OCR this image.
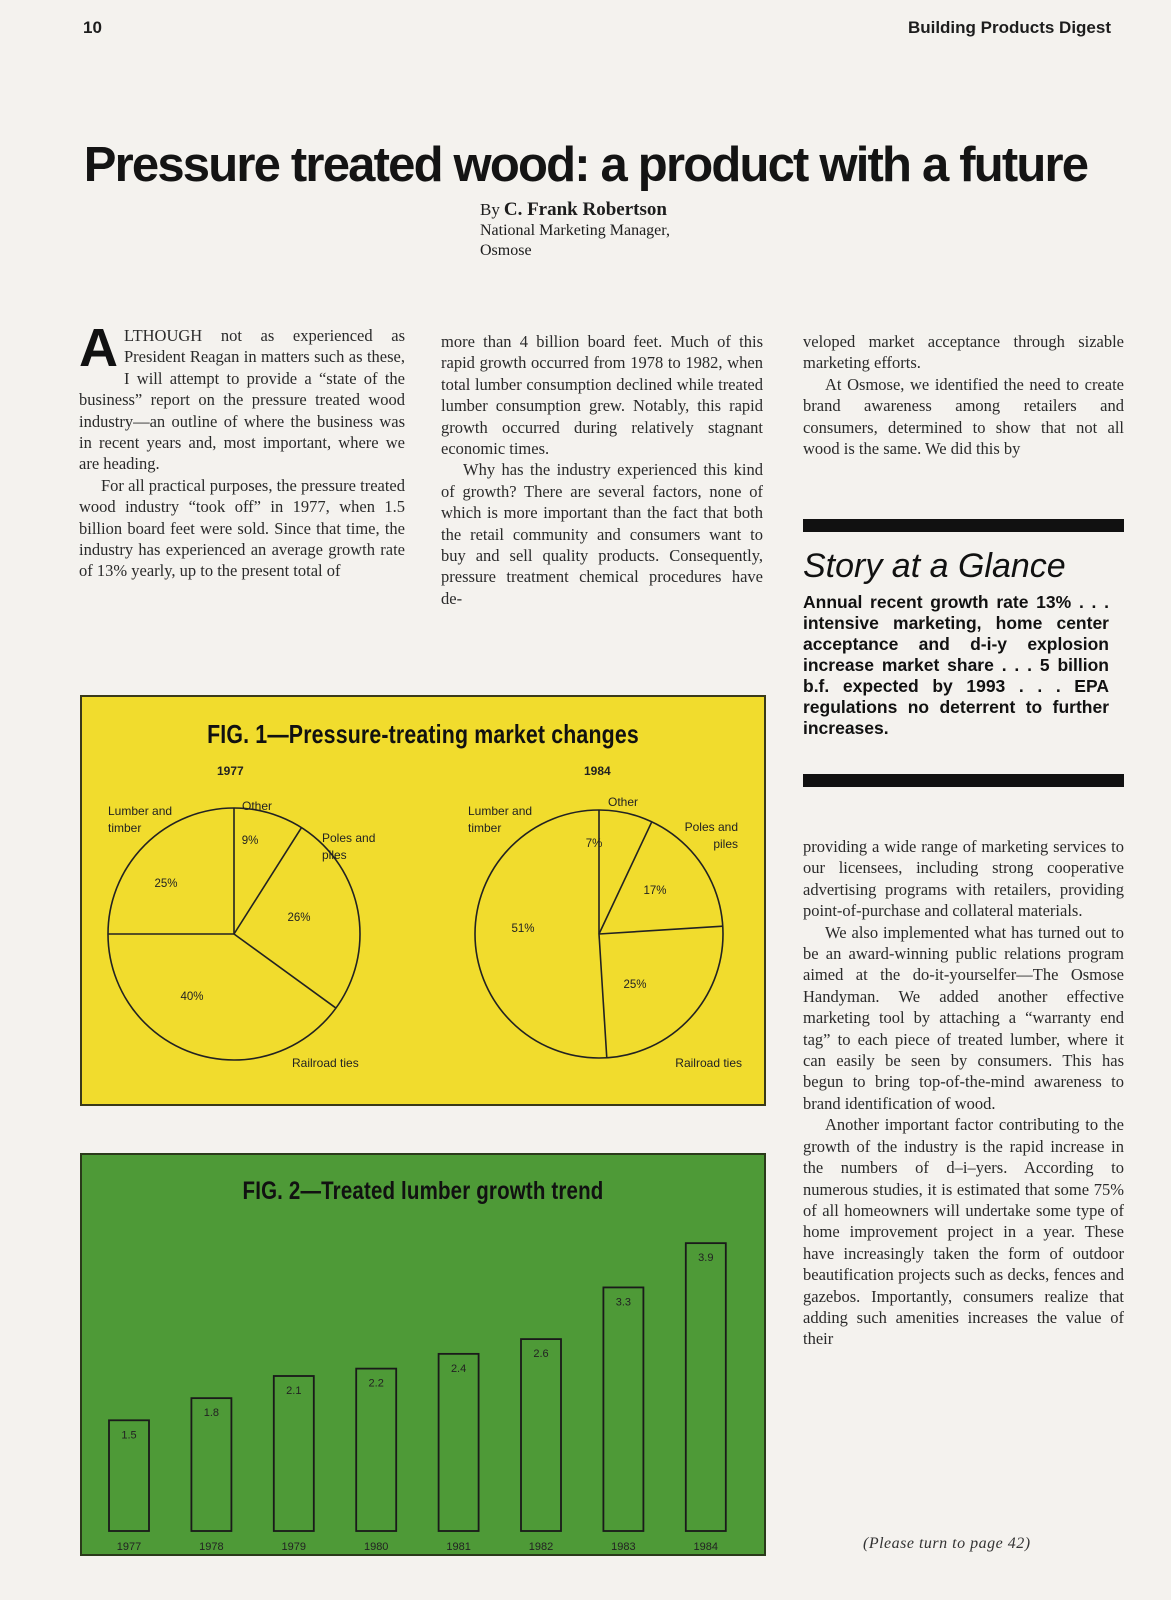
10	Building Products Digest
Pressure treated wood: a product with a future
By C. Frank Robertson
National Marketing Manager,
Osmose

ALTHOUGH not as experienced as President Reagan in matters such as these, I will attempt to provide a “state of the business” report on the pressure treated wood industry—an outline of where the business was in recent years and, most important, where we are heading.

For all practical purposes, the pressure treated wood industry “took off” in 1977, when 1.5 billion board feet were sold. Since that time, the industry has experienced an average growth rate of 13% yearly, up to the present total of

more than 4 billion board feet. Much of this rapid growth occurred from 1978 to 1982, when total lumber consumption declined while treated lumber consumption grew. Notably, this rapid growth occurred during relatively stagnant economic times.

Why has the industry experienced this kind of growth? There are several factors, none of which is more important than the fact that both the retail community and consumers want to buy and sell quality products. Consequently, pressure treatment chemical procedures have de-

veloped market acceptance through sizable marketing efforts.

At Osmose, we identified the need to create brand awareness among retailers and consumers, determined to show that not all wood is the same. We did this by

Story at a Glance
Annual recent growth rate 13% . . . intensive marketing, home center acceptance and d-i-y explosion increase market share . . . 5 billion b.f. expected by 1993 . . . EPA regulations no deterrent to further increases.

providing a wide range of marketing services to our licensees, including strong cooperative advertising programs with retailers, providing point-of-purchase and collateral materials.

We also implemented what has turned out to be an award-winning public relations program aimed at the do-it-yourselfer—The Osmose Handyman. We added another effective marketing tool by attaching a “warranty end tag” to each piece of treated lumber, where it can easily be seen by consumers. This has begun to bring top-of-the-mind awareness to brand identification of wood.

Another important factor contributing to the growth of the industry is the rapid increase in the numbers of d–i–yers. According to numerous studies, it is estimated that some 75% of all homeowners will undertake some type of home improvement project in a year. These have increasingly taken the form of outdoor beautification projects such as decks, fences and gazebos. Importantly, consumers realize that adding such amenities increases the value of their

(Please turn to page 42)
FIG. 1—Pressure-treating market changes
1977
9%
Other
26%
Poles and
piles
40%
Railroad ties
25%
Lumber and
timber
1984
7%
Other
17%
Poles and
piles
25%
Railroad ties
51%
Lumber and
timber
FIG. 2—Treated lumber growth trend
1.5
1977
1.8
1978
2.1
1979
2.2
1980
2.4
1981
2.6
1982
3.3
1983
3.9
1984
